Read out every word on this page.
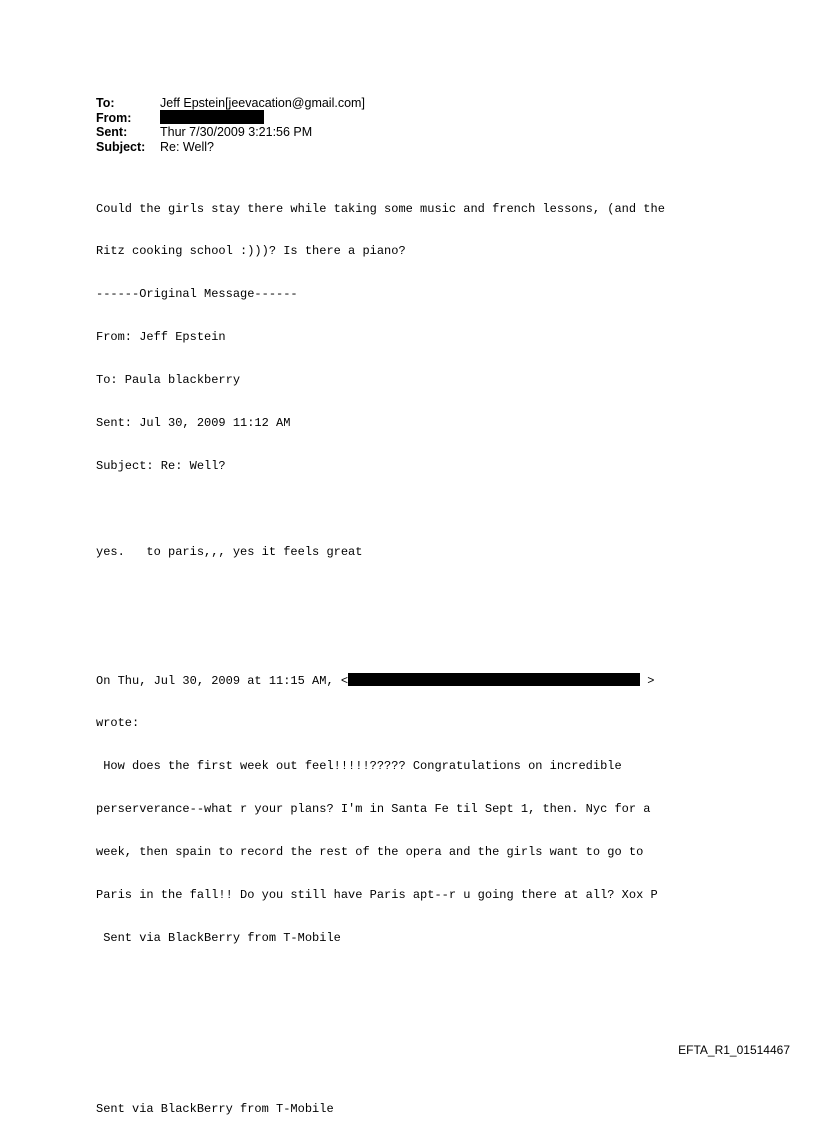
To:	Jeff Epstein[jeevacation@gmail.com]
From:
Sent:	Thur 7/30/2009 3:21:56 PM
Subject:	Re: Well?

Could the girls stay there while taking some music and french lessons, (and the

Ritz cooking school :)))? Is there a piano?

------Original Message------

From: Jeff Epstein

To: Paula blackberry

Sent: Jul 30, 2009 11:12 AM

Subject: Re: Well?

yes.   to paris,,, yes it feels great

On Thu, Jul 30, 2009 at 11:15 AM, <	>

wrote:

How does the first week out feel!!!!!????? Congratulations on incredible

perserverance--what r your plans? I'm in Santa Fe til Sept 1, then. Nyc for a

week, then spain to record the rest of the opera and the girls want to go to

Paris in the fall!! Do you still have Paris apt--r u going there at all? Xox P

Sent via BlackBerry from T-Mobile

Sent via BlackBerry from T-Mobile

EFTA_R1_01514467
